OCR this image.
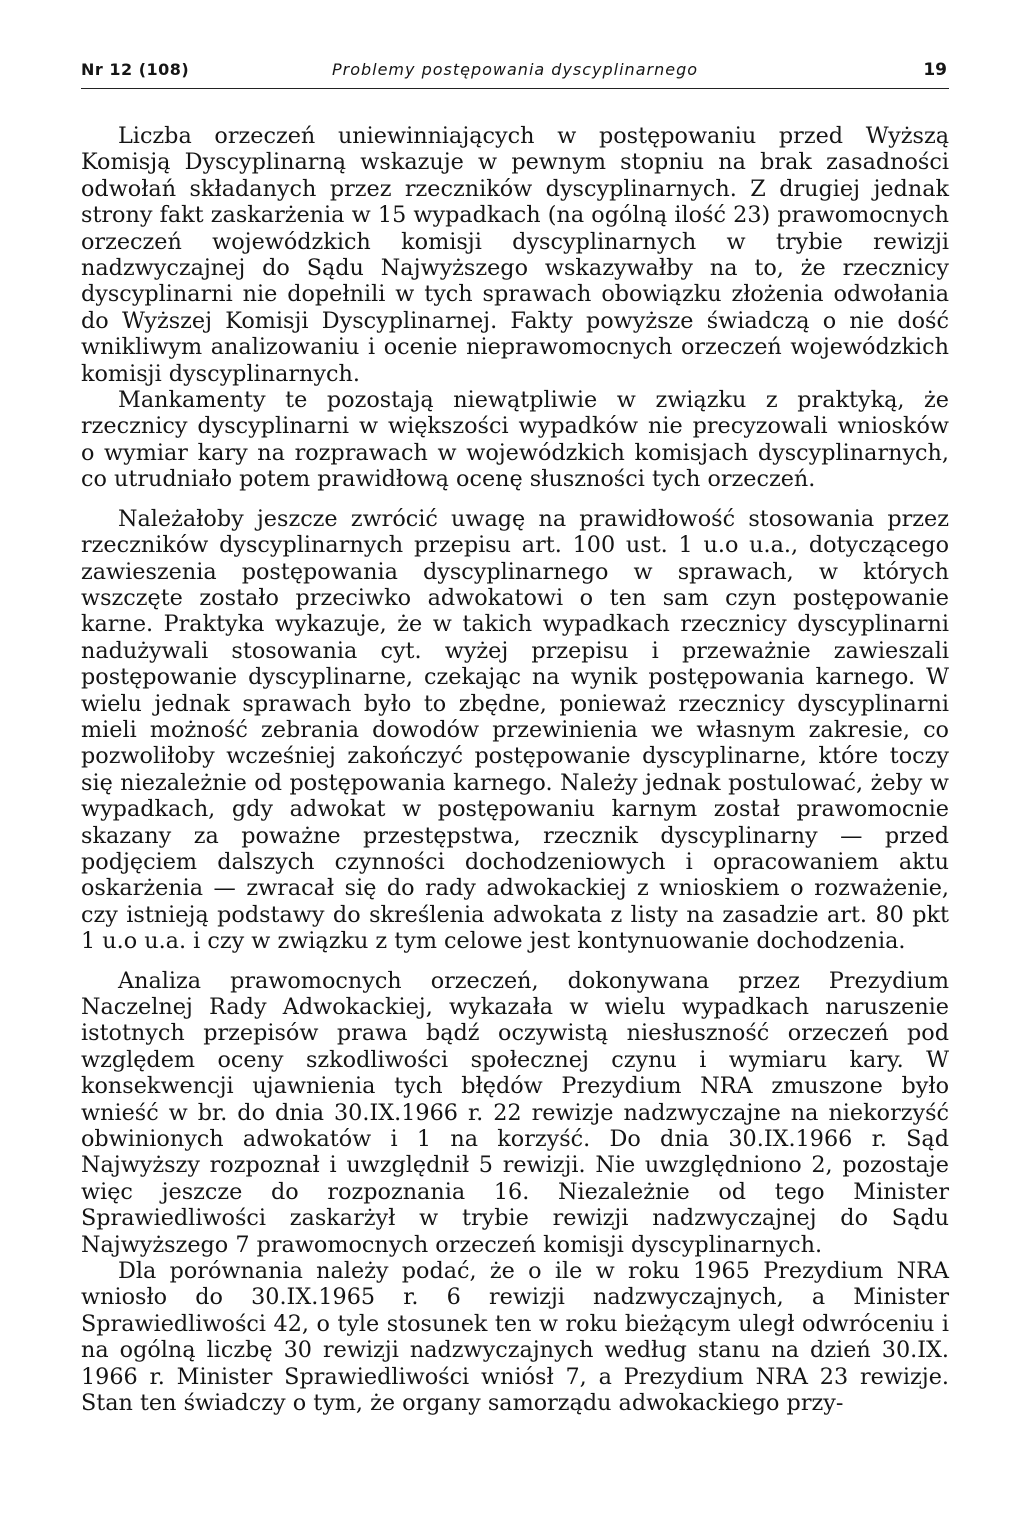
Nr 12 (108)	Problemy postępowania dyscyplinarnego	19

Liczba orzeczeń uniewinniających w postępowaniu przed Wyższą Komisją Dyscyplinarną wskazuje w pewnym stopniu na brak zasadności odwołań składanych przez rzeczników dyscyplinarnych. Z drugiej jednak strony fakt zaskarżenia w 15 wypadkach (na ogólną ilość 23) prawomocnych orzeczeń wojewódzkich komisji dyscyplinarnych w trybie rewizji nadzwyczajnej do Sądu Najwyższego wskazywałby na to, że rzecznicy dyscyplinarni nie dopełnili w tych sprawach obowiązku złożenia odwołania do Wyższej Komisji Dyscyplinarnej. Fakty powyższe świadczą o nie dość wnikliwym analizowaniu i ocenie nieprawomocnych orzeczeń wojewódzkich komisji dyscyplinarnych.

Mankamenty te pozostają niewątpliwie w związku z praktyką, że rzecznicy dyscyplinarni w większości wypadków nie precyzowali wniosków o wymiar kary na rozprawach w wojewódzkich komisjach dyscyplinarnych, co utrudniało potem prawidłową ocenę słuszności tych orzeczeń.

Należałoby jeszcze zwrócić uwagę na prawidłowość stosowania przez rzeczników dyscyplinarnych przepisu art. 100 ust. 1 u.o u.a., dotyczącego zawieszenia postępowania dyscyplinarnego w sprawach, w których wszczęte zostało przeciwko adwokatowi o ten sam czyn postępowanie karne. Praktyka wykazuje, że w takich wypadkach rzecznicy dyscyplinarni nadużywali stosowania cyt. wyżej przepisu i przeważnie zawieszali postępowanie dyscyplinarne, czekając na wynik postępowania karnego. W wielu jednak sprawach było to zbędne, ponieważ rzecznicy dyscyplinarni mieli możność zebrania dowodów przewinienia we własnym zakresie, co pozwoliłoby wcześniej zakończyć postępowanie dyscyplinarne, które toczy się niezależnie od postępowania karnego. Należy jednak postulować, żeby w wypadkach, gdy adwokat w postępowaniu karnym został prawomocnie skazany za poważne przestępstwa, rzecznik dyscyplinarny — przed podjęciem dalszych czynności dochodzeniowych i opracowaniem aktu oskarżenia — zwracał się do rady adwokackiej z wnioskiem o rozważenie, czy istnieją podstawy do skreślenia adwokata z listy na zasadzie art. 80 pkt 1 u.o u.a. i czy w związku z tym celowe jest kontynuowanie dochodzenia.

Analiza prawomocnych orzeczeń, dokonywana przez Prezydium Naczelnej Rady Adwokackiej, wykazała w wielu wypadkach naruszenie istotnych przepisów prawa bądź oczywistą niesłuszność orzeczeń pod względem oceny szkodliwości społecznej czynu i wymiaru kary. W konsekwencji ujawnienia tych błędów Prezydium NRA zmuszone było wnieść w br. do dnia 30.IX.1966 r. 22 rewizje nadzwyczajne na niekorzyść obwinionych adwokatów i 1 na korzyść. Do dnia 30.IX.1966 r. Sąd Najwyższy rozpoznał i uwzględnił 5 rewizji. Nie uwzględniono 2, pozostaje więc jeszcze do rozpoznania 16. Niezależnie od tego Minister Sprawiedliwości zaskarżył w trybie rewizji nadzwyczajnej do Sądu Najwyższego 7 prawomocnych orzeczeń komisji dyscyplinarnych.

Dla porównania należy podać, że o ile w roku 1965 Prezydium NRA wniosło do 30.IX.1965 r. 6 rewizji nadzwyczajnych, a Minister Sprawiedliwości 42, o tyle stosunek ten w roku bieżącym uległ odwróceniu i na ogólną liczbę 30 rewizji nadzwyczajnych według stanu na dzień 30.IX. 1966 r. Minister Sprawiedliwości wniósł 7, a Prezydium NRA 23 rewizje. Stan ten świadczy o tym, że organy samorządu adwokackiego przy-
